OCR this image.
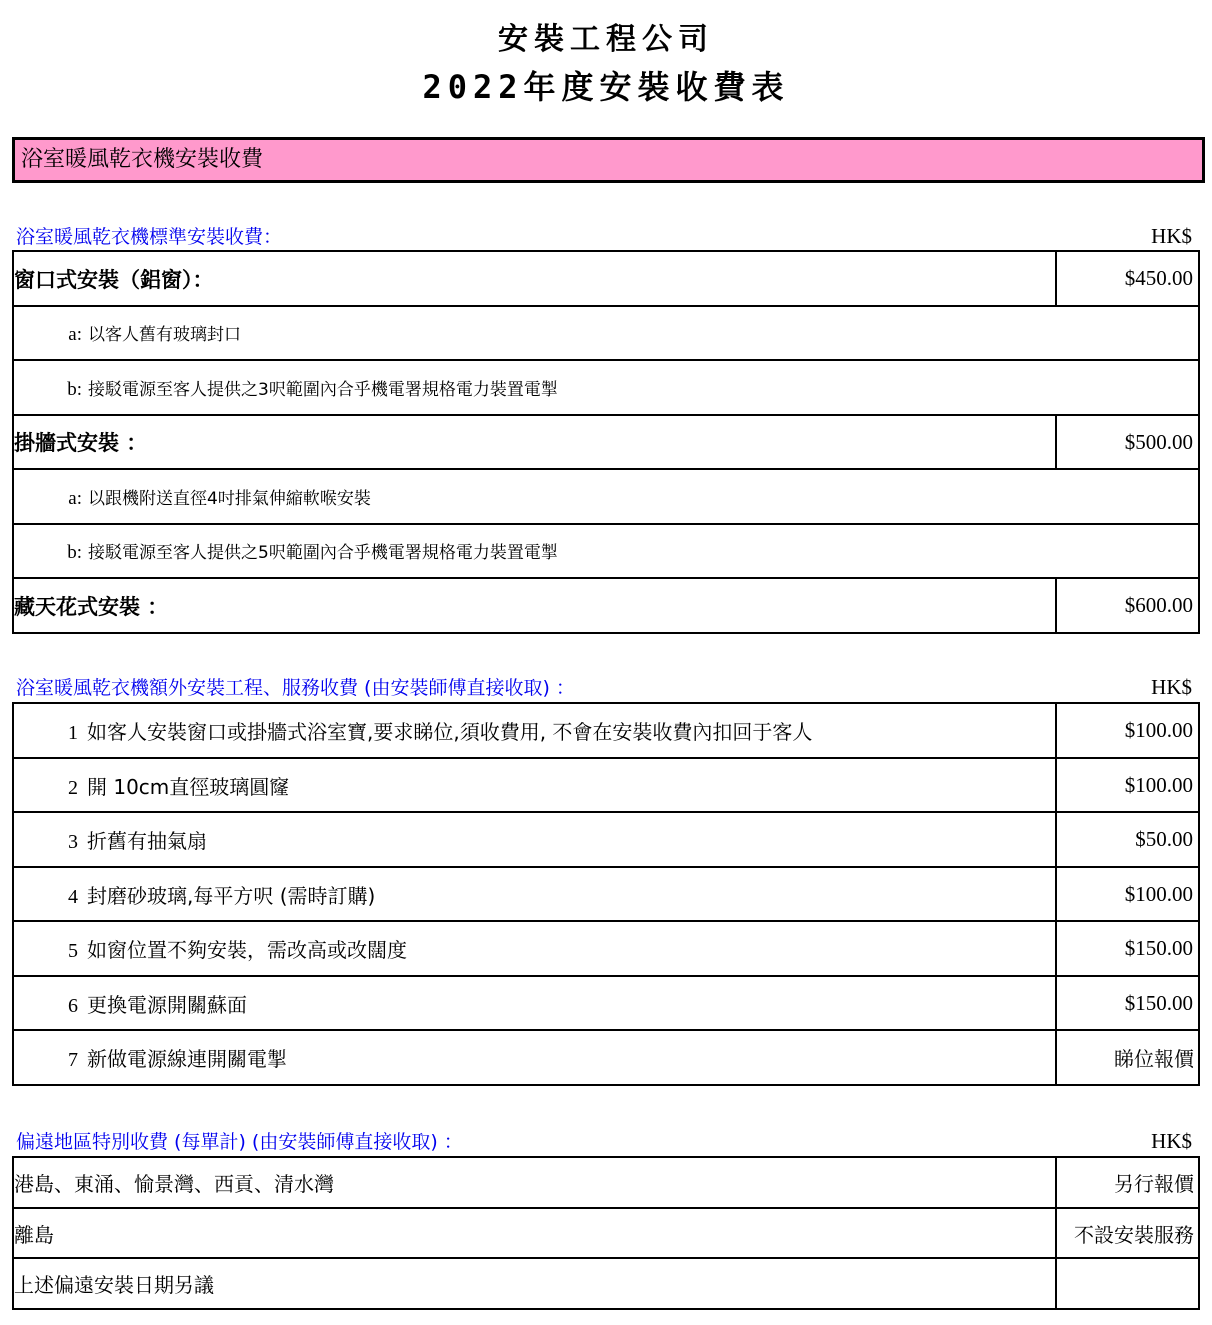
安裝工程公司
2022年度安裝收費表
浴室暖風乾衣機安裝收費
浴室暖風乾衣機標準安裝收費：	HK$
窗口式安裝（鋁窗）：	$450.00
a: 以客人舊有玻璃封口	
b: 接駁電源至客人提供之3呎範圍內合乎機電署規格電力裝置電掣	
掛牆式安裝 ：	$500.00
a: 以跟機附送直徑4吋排氣伸縮軟喉安裝	
b: 接駁電源至客人提供之5呎範圍內合乎機電署規格電力裝置電掣	
藏天花式安裝 ：	$600.00
浴室暖風乾衣機額外安裝工程、服務收費 (由安裝師傅直接收取) ：	HK$
1 如客人安裝窗口或掛牆式浴室寶,要求睇位,須收費用, 不會在安裝收費內扣回于客人	$100.00
2 開 10cm直徑玻璃圓窿	$100.00
3 折舊有抽氣扇	$50.00
4 封磨砂玻璃,每平方呎 (需時訂購)	$100.00
5 如窗位置不夠安裝，需改高或改闊度	$150.00
6 更換電源開關蘇面	$150.00
7 新做電源線連開關電掣	睇位報價
偏遠地區特別收費 (每單計) (由安裝師傅直接收取) ：	HK$
港島、東涌、愉景灣、西貢、清水灣	另行報價
離島	不設安裝服務
上述偏遠安裝日期另議	
